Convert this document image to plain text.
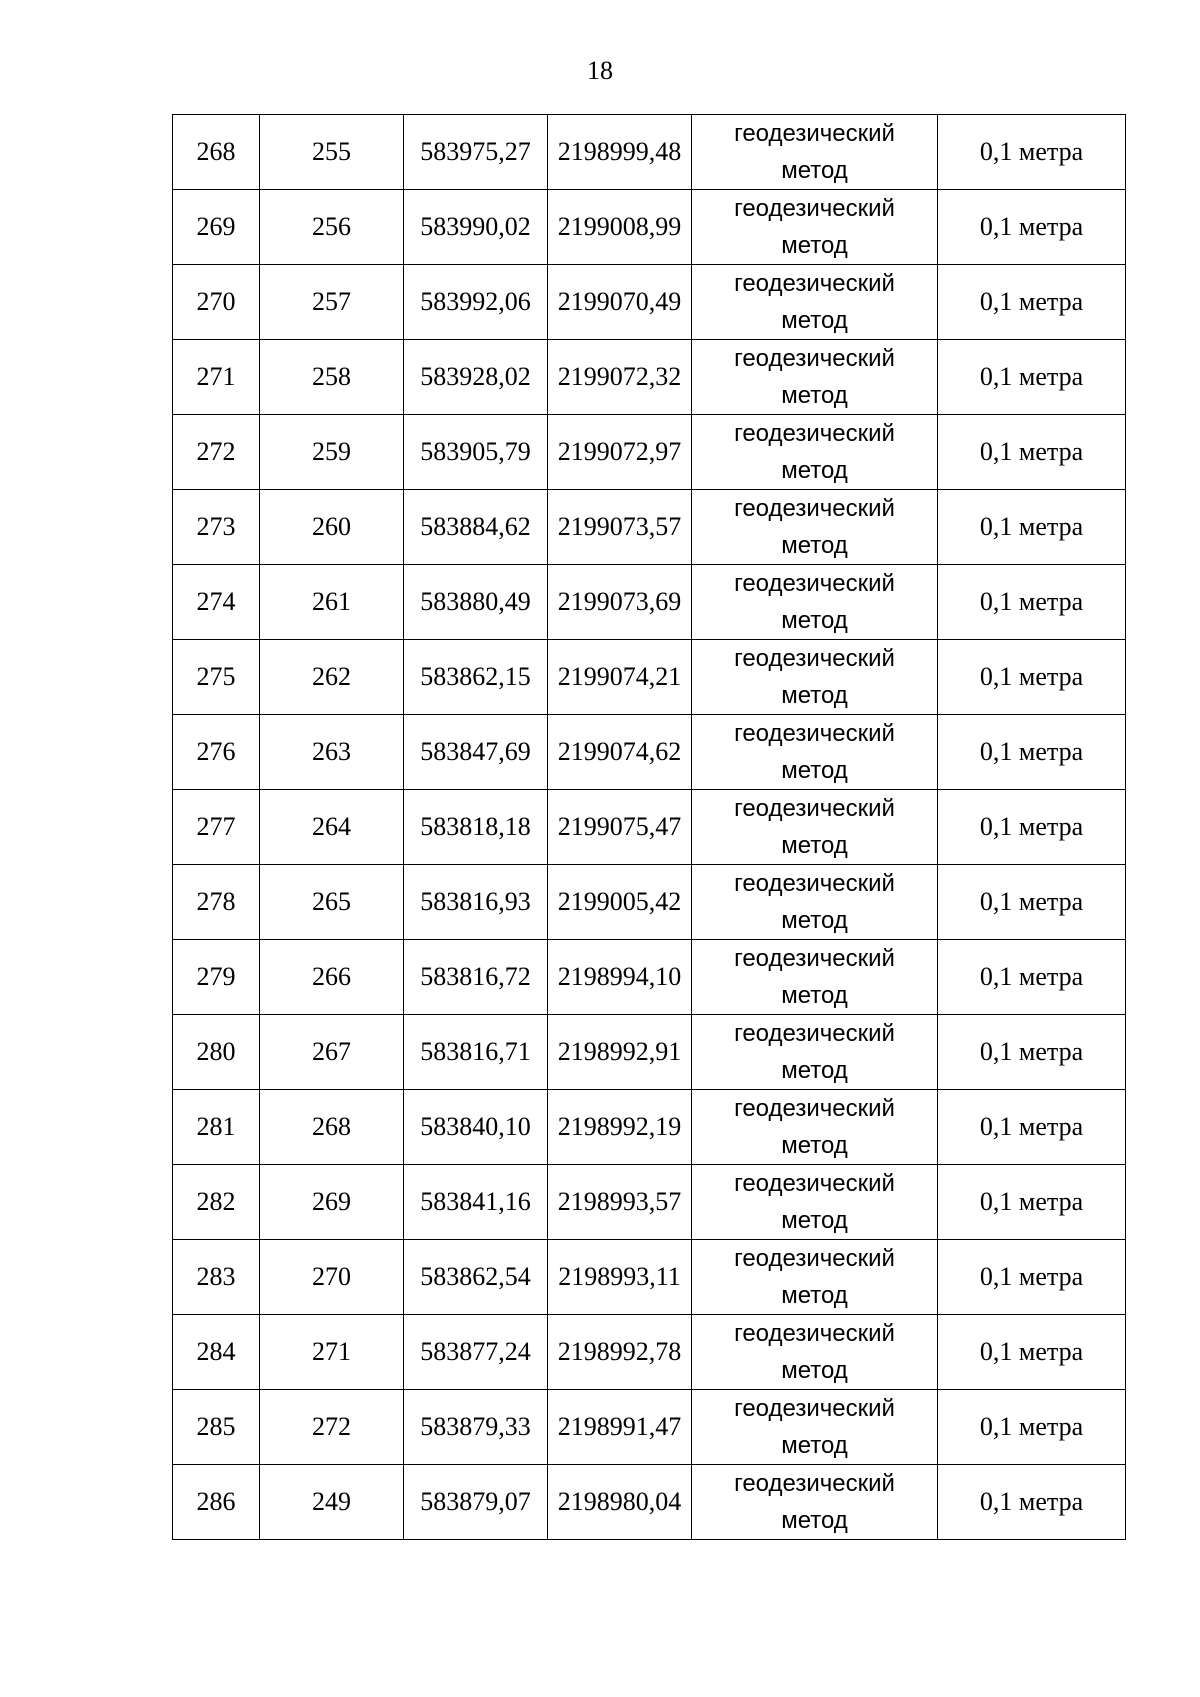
18
268	255	583975,27	2198999,48	геодезический
метод	0,1 метра
269	256	583990,02	2199008,99	геодезический
метод	0,1 метра
270	257	583992,06	2199070,49	геодезический
метод	0,1 метра
271	258	583928,02	2199072,32	геодезический
метод	0,1 метра
272	259	583905,79	2199072,97	геодезический
метод	0,1 метра
273	260	583884,62	2199073,57	геодезический
метод	0,1 метра
274	261	583880,49	2199073,69	геодезический
метод	0,1 метра
275	262	583862,15	2199074,21	геодезический
метод	0,1 метра
276	263	583847,69	2199074,62	геодезический
метод	0,1 метра
277	264	583818,18	2199075,47	геодезический
метод	0,1 метра
278	265	583816,93	2199005,42	геодезический
метод	0,1 метра
279	266	583816,72	2198994,10	геодезический
метод	0,1 метра
280	267	583816,71	2198992,91	геодезический
метод	0,1 метра
281	268	583840,10	2198992,19	геодезический
метод	0,1 метра
282	269	583841,16	2198993,57	геодезический
метод	0,1 метра
283	270	583862,54	2198993,11	геодезический
метод	0,1 метра
284	271	583877,24	2198992,78	геодезический
метод	0,1 метра
285	272	583879,33	2198991,47	геодезический
метод	0,1 метра
286	249	583879,07	2198980,04	геодезический
метод	0,1 метра
